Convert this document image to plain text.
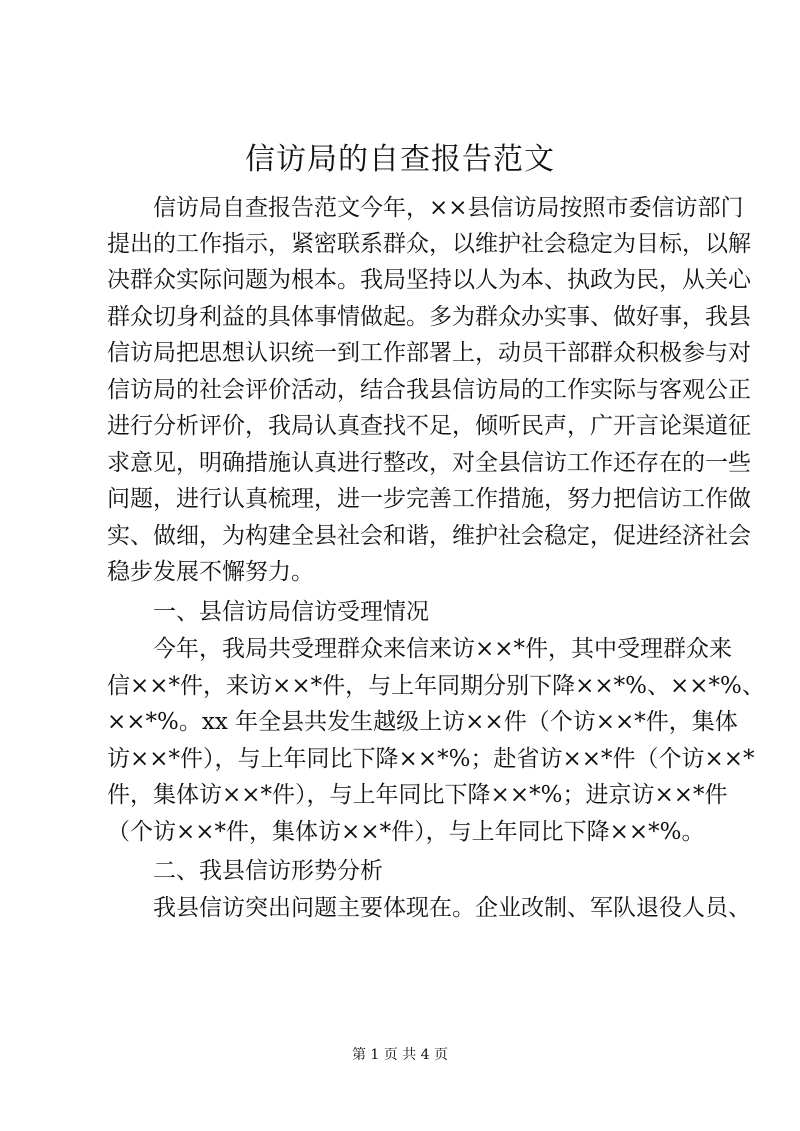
信访局的自查报告范文
信访局自查报告范文今年，××县信访局按照市委信访部门
提出的工作指示，紧密联系群众，以维护社会稳定为目标，以解
决群众实际问题为根本。我局坚持以人为本、执政为民，从关心
群众切身利益的具体事情做起。多为群众办实事、做好事，我县
信访局把思想认识统一到工作部署上，动员干部群众积极参与对
信访局的社会评价活动，结合我县信访局的工作实际与客观公正
进行分析评价，我局认真查找不足，倾听民声，广开言论渠道征
求意见，明确措施认真进行整改，对全县信访工作还存在的一些
问题，进行认真梳理，进一步完善工作措施，努力把信访工作做
实、做细，为构建全县社会和谐，维护社会稳定，促进经济社会
稳步发展不懈努力。
一、县信访局信访受理情况
今年，我局共受理群众来信来访××*件，其中受理群众来
信××*件，来访××*件，与上年同期分别下降××*%、××*%、
××*%。xx 年全县共发生越级上访××件（个访××*件，集体
访××*件），与上年同比下降××*%；赴省访××*件（个访××*
件，集体访××*件），与上年同比下降××*%；进京访××*件
（个访××*件，集体访××*件），与上年同比下降××*%。
二、我县信访形势分析
我县信访突出问题主要体现在。企业改制、军队退役人员、
第 1 页 共 4 页
